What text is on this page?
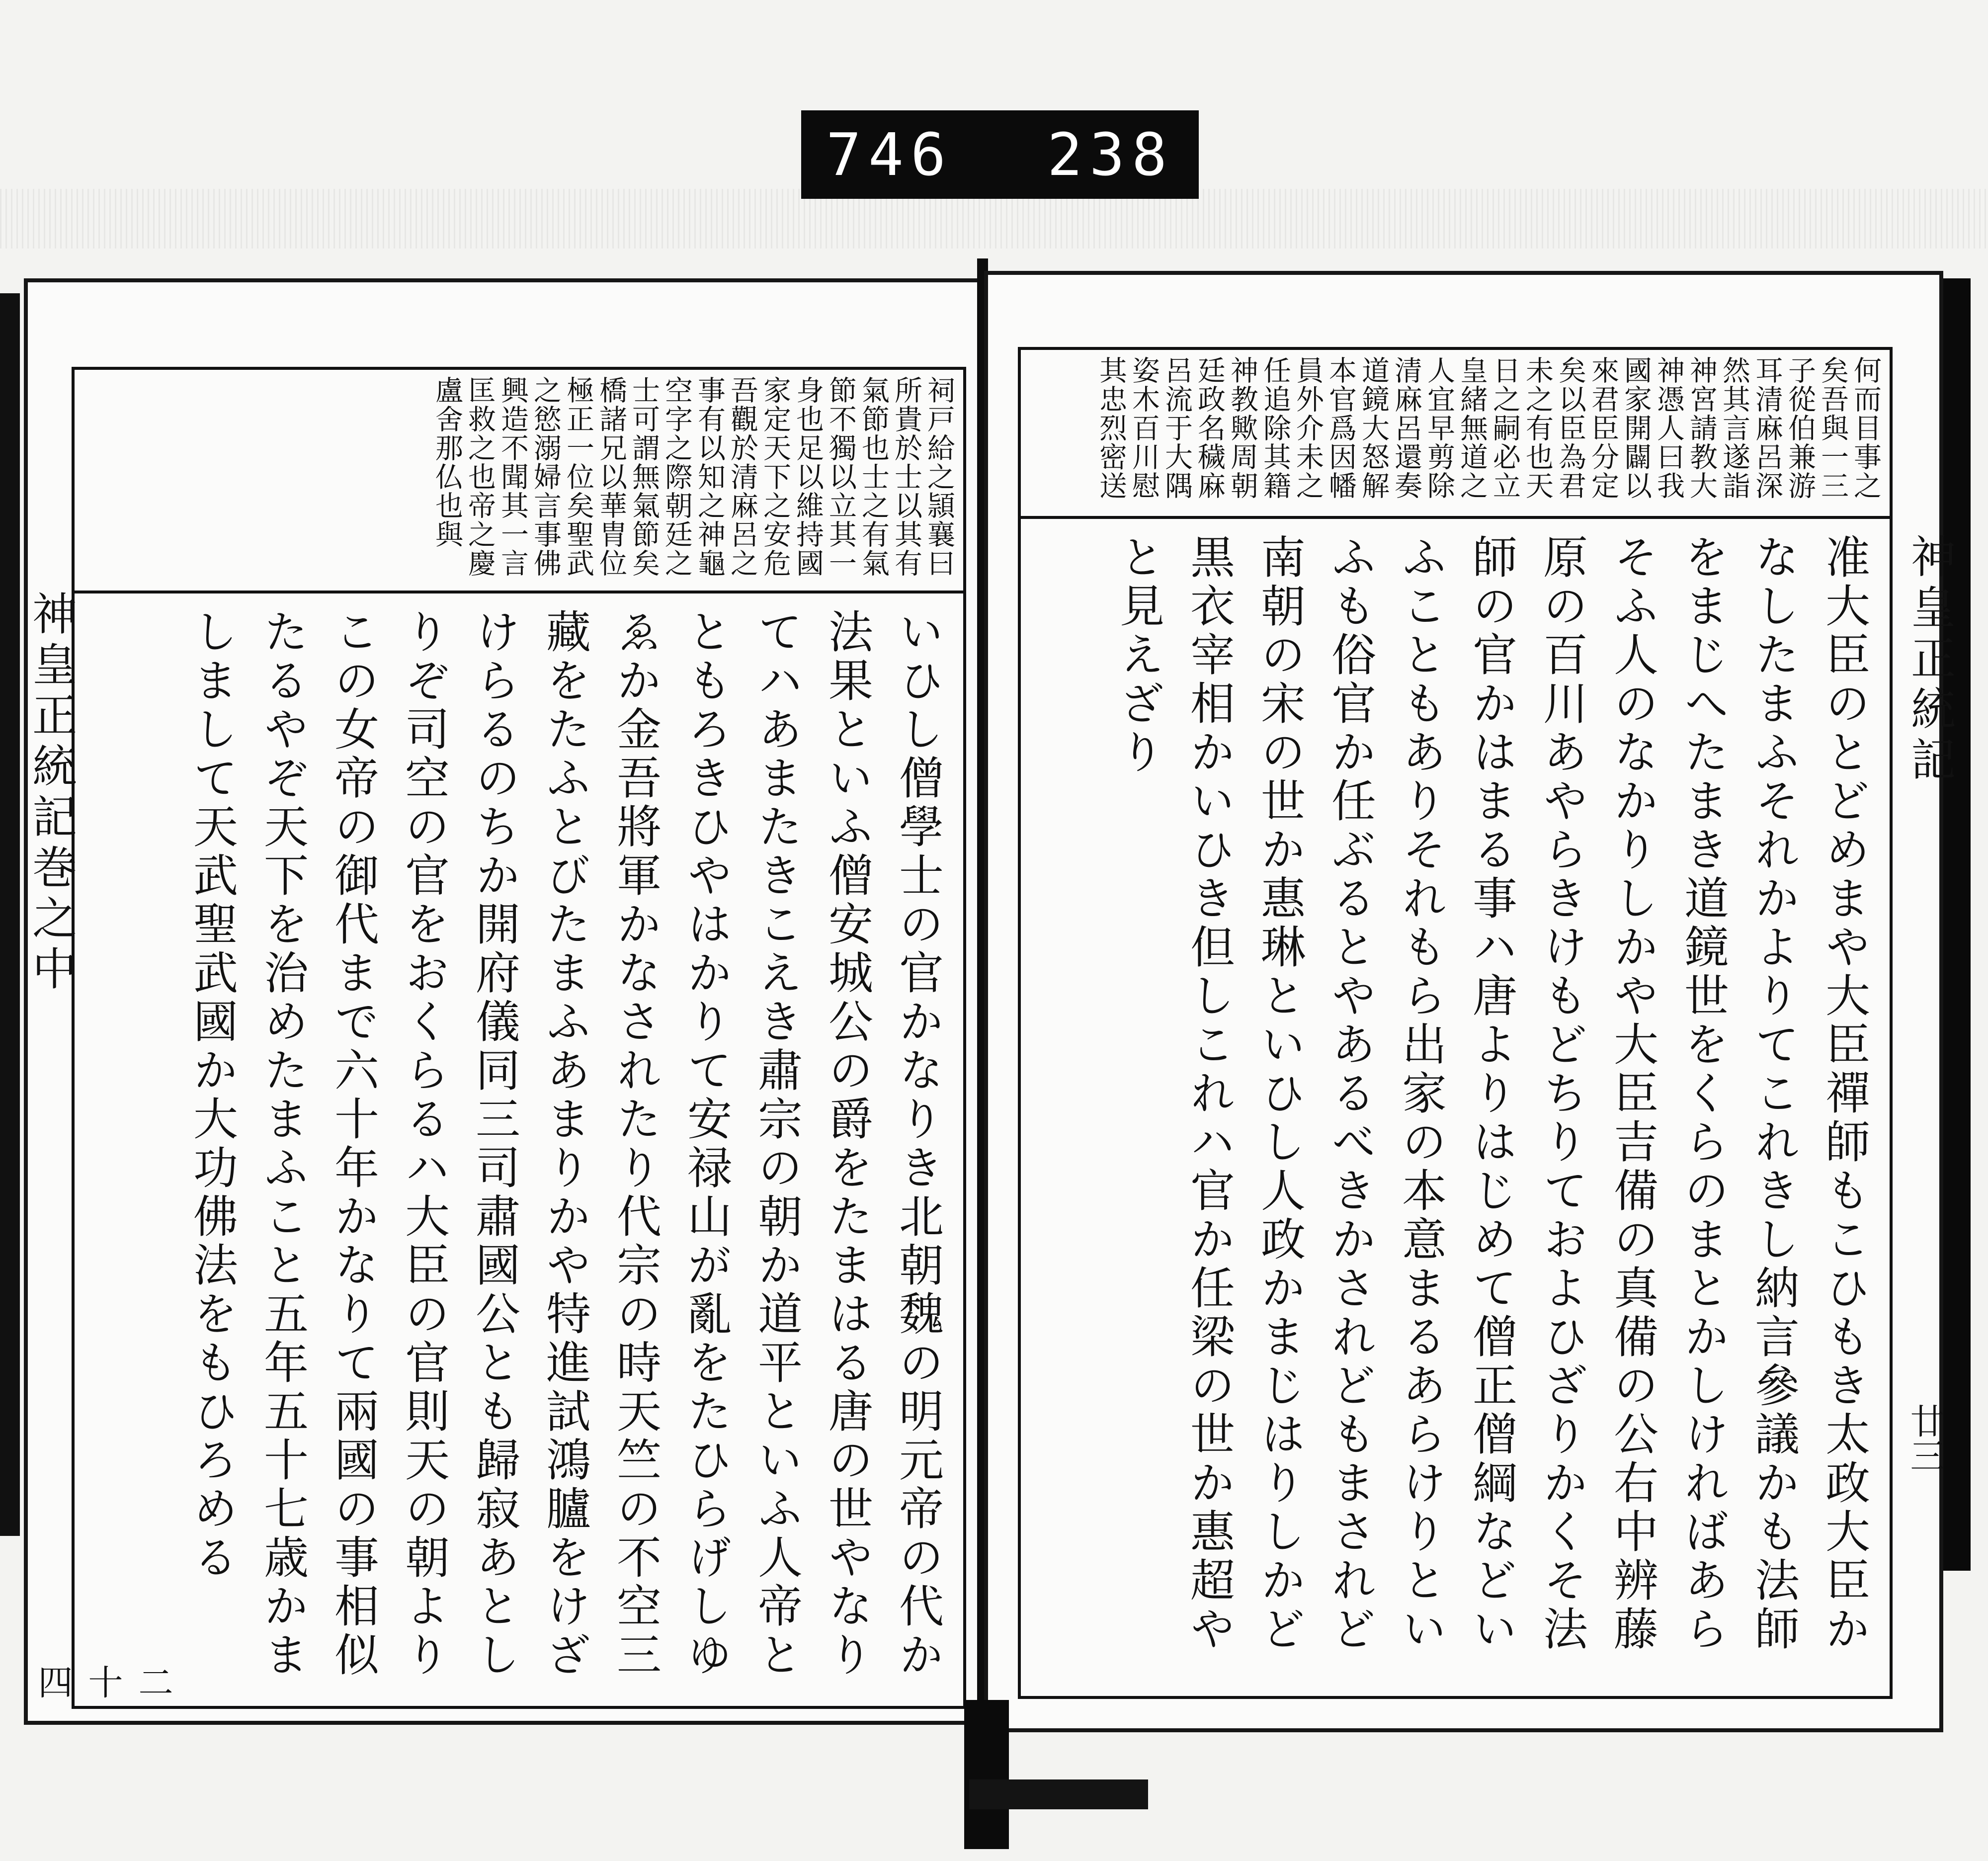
746 238
祠戸給之頴襄曰所貴於士以其有氣節也士之有氣節不獨以立其一身也足以維持國家定天下之安危吾觀於清麻呂之事有以知之神龜空字之際朝廷之士可謂無氣節矣橋諸兄以華胄位極正一位矣聖武之慾溺婦言事佛興造不聞其一言匡救之也帝之慶盧舍那仏也與
いひし僧學士の官かなりき北朝魏の明元帝の代か法果といふ僧安城公の爵をたまはる唐の世やなりてハあまたきこえき肅宗の朝か道平といふ人帝とともろきひやはかりて安禄山が亂をたひらげしゆゑか金吾將軍かなされたり代宗の時天竺の不空三藏をたふとびたまふあまりかや特進試鴻臚をけざけらるのちか開府儀同三司肅國公とも歸寂あとしりぞ司空の官をおくらるハ大臣の官則天の朝よりこの女帝の御代まで六十年かなりて兩國の事相似たるやぞ天下を治めたまふこと五年五十七歳かましまして天武聖武國か大功佛法をもひろめる
神皇正統記巻之中
二十四
何而目事之矣吾與一三子從伯兼游耳清麻呂深然其言遂詣神宮請教大神憑人曰我國家開闢以來君臣分定矣以臣為君未之有也天日之嗣必立皇緒無道之人宜早剪除清麻呂還奏道鏡大怒解本官爲因幡員外介未之任追除其籍神教歟周朝廷政名穢麻呂流于大隅姿木百川慰其忠烈密送
准大臣のとどめまや大臣禪師もこひもき太政大臣かなしたまふそれかよりてこれきし納言參議かも法師をまじへたまき道鏡世をくらのまとかしければあらそふ人のなかりしかや大臣吉備の真備の公右中辨藤原の百川あやらきけもどちりておよひざりかくそ法師の官かはまる事ハ唐よりはじめて僧正僧綱などいふこともありそれもら出家の本意まるあらけりといふも俗官か任ぶるとやあるべきかされどもまされど南朝の宋の世か惠琳といひし人政かまじはりしかど黒衣宰相かいひき但しこれハ官か任梁の世か惠超やと見えざり	神皇正統記
廿三
